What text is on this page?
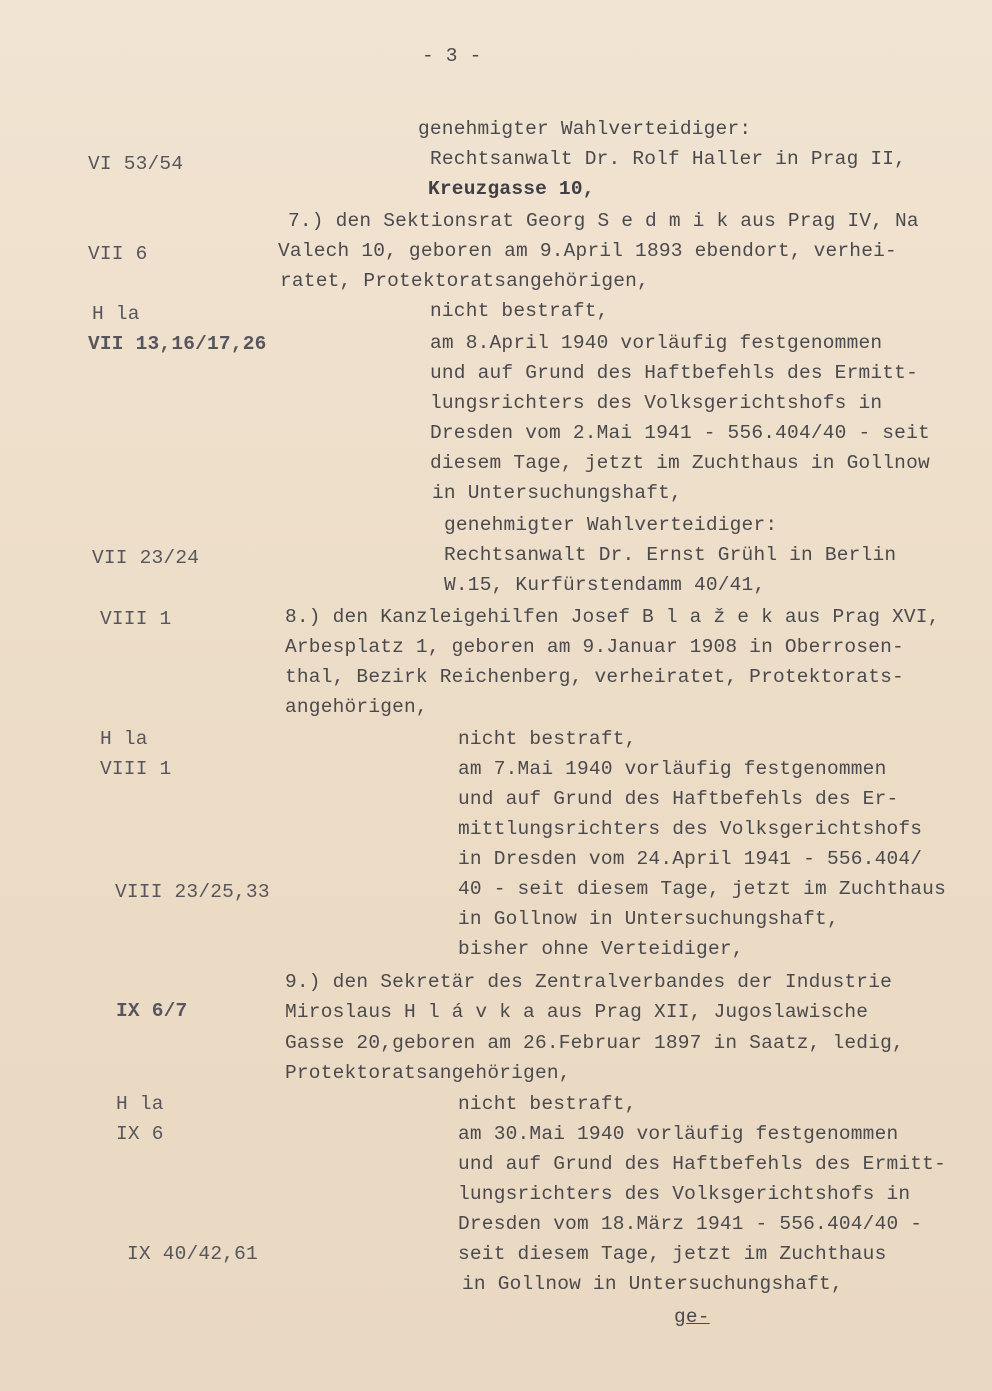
- 3 -
VI 53/54
VII 6
H la
VII 13,16/17,26
VII 23/24
VIII 1
H la
VIII 1
VIII 23/25,33
IX 6/7
H la
IX 6
IX 40/42,61
genehmigter Wahlverteidiger:
Rechtsanwalt Dr. Rolf Haller in Prag II,
Kreuzgasse 10,
7.) den Sektionsrat Georg S e d m i k aus Prag IV, Na
Valech 10, geboren am 9.April 1893 ebendort, verhei-
ratet, Protektoratsangehörigen,
nicht bestraft,
am 8.April 1940 vorläufig festgenommen
und auf Grund des Haftbefehls des Ermitt-
lungsrichters des Volksgerichtshofs in
Dresden vom 2.Mai 1941 - 556.404/40 - seit
diesem Tage, jetzt im Zuchthaus in Gollnow
in Untersuchungshaft,
genehmigter Wahlverteidiger:
Rechtsanwalt Dr. Ernst Grühl in Berlin
W.15, Kurfürstendamm 40/41,
8.) den Kanzleigehilfen Josef B l a ž e k aus Prag XVI,
Arbesplatz 1, geboren am 9.Januar 1908 in Oberrosen-
thal, Bezirk Reichenberg, verheiratet, Protektorats-
angehörigen,
nicht bestraft,
am 7.Mai 1940 vorläufig festgenommen
und auf Grund des Haftbefehls des Er-
mittlungsrichters des Volksgerichtshofs
in Dresden vom 24.April 1941 - 556.404/
40 - seit diesem Tage, jetzt im Zuchthaus
in Gollnow in Untersuchungshaft,
bisher ohne Verteidiger,
9.) den Sekretär des Zentralverbandes der Industrie
Miroslaus H l á v k a aus Prag XII, Jugoslawische
Gasse 20,geboren am 26.Februar 1897 in Saatz, ledig,
Protektoratsangehörigen,
nicht bestraft,
am 30.Mai 1940 vorläufig festgenommen
und auf Grund des Haftbefehls des Ermitt-
lungsrichters des Volksgerichtshofs in
Dresden vom 18.März 1941 - 556.404/40 -
seit diesem Tage, jetzt im Zuchthaus
in Gollnow in Untersuchungshaft,
ge-
